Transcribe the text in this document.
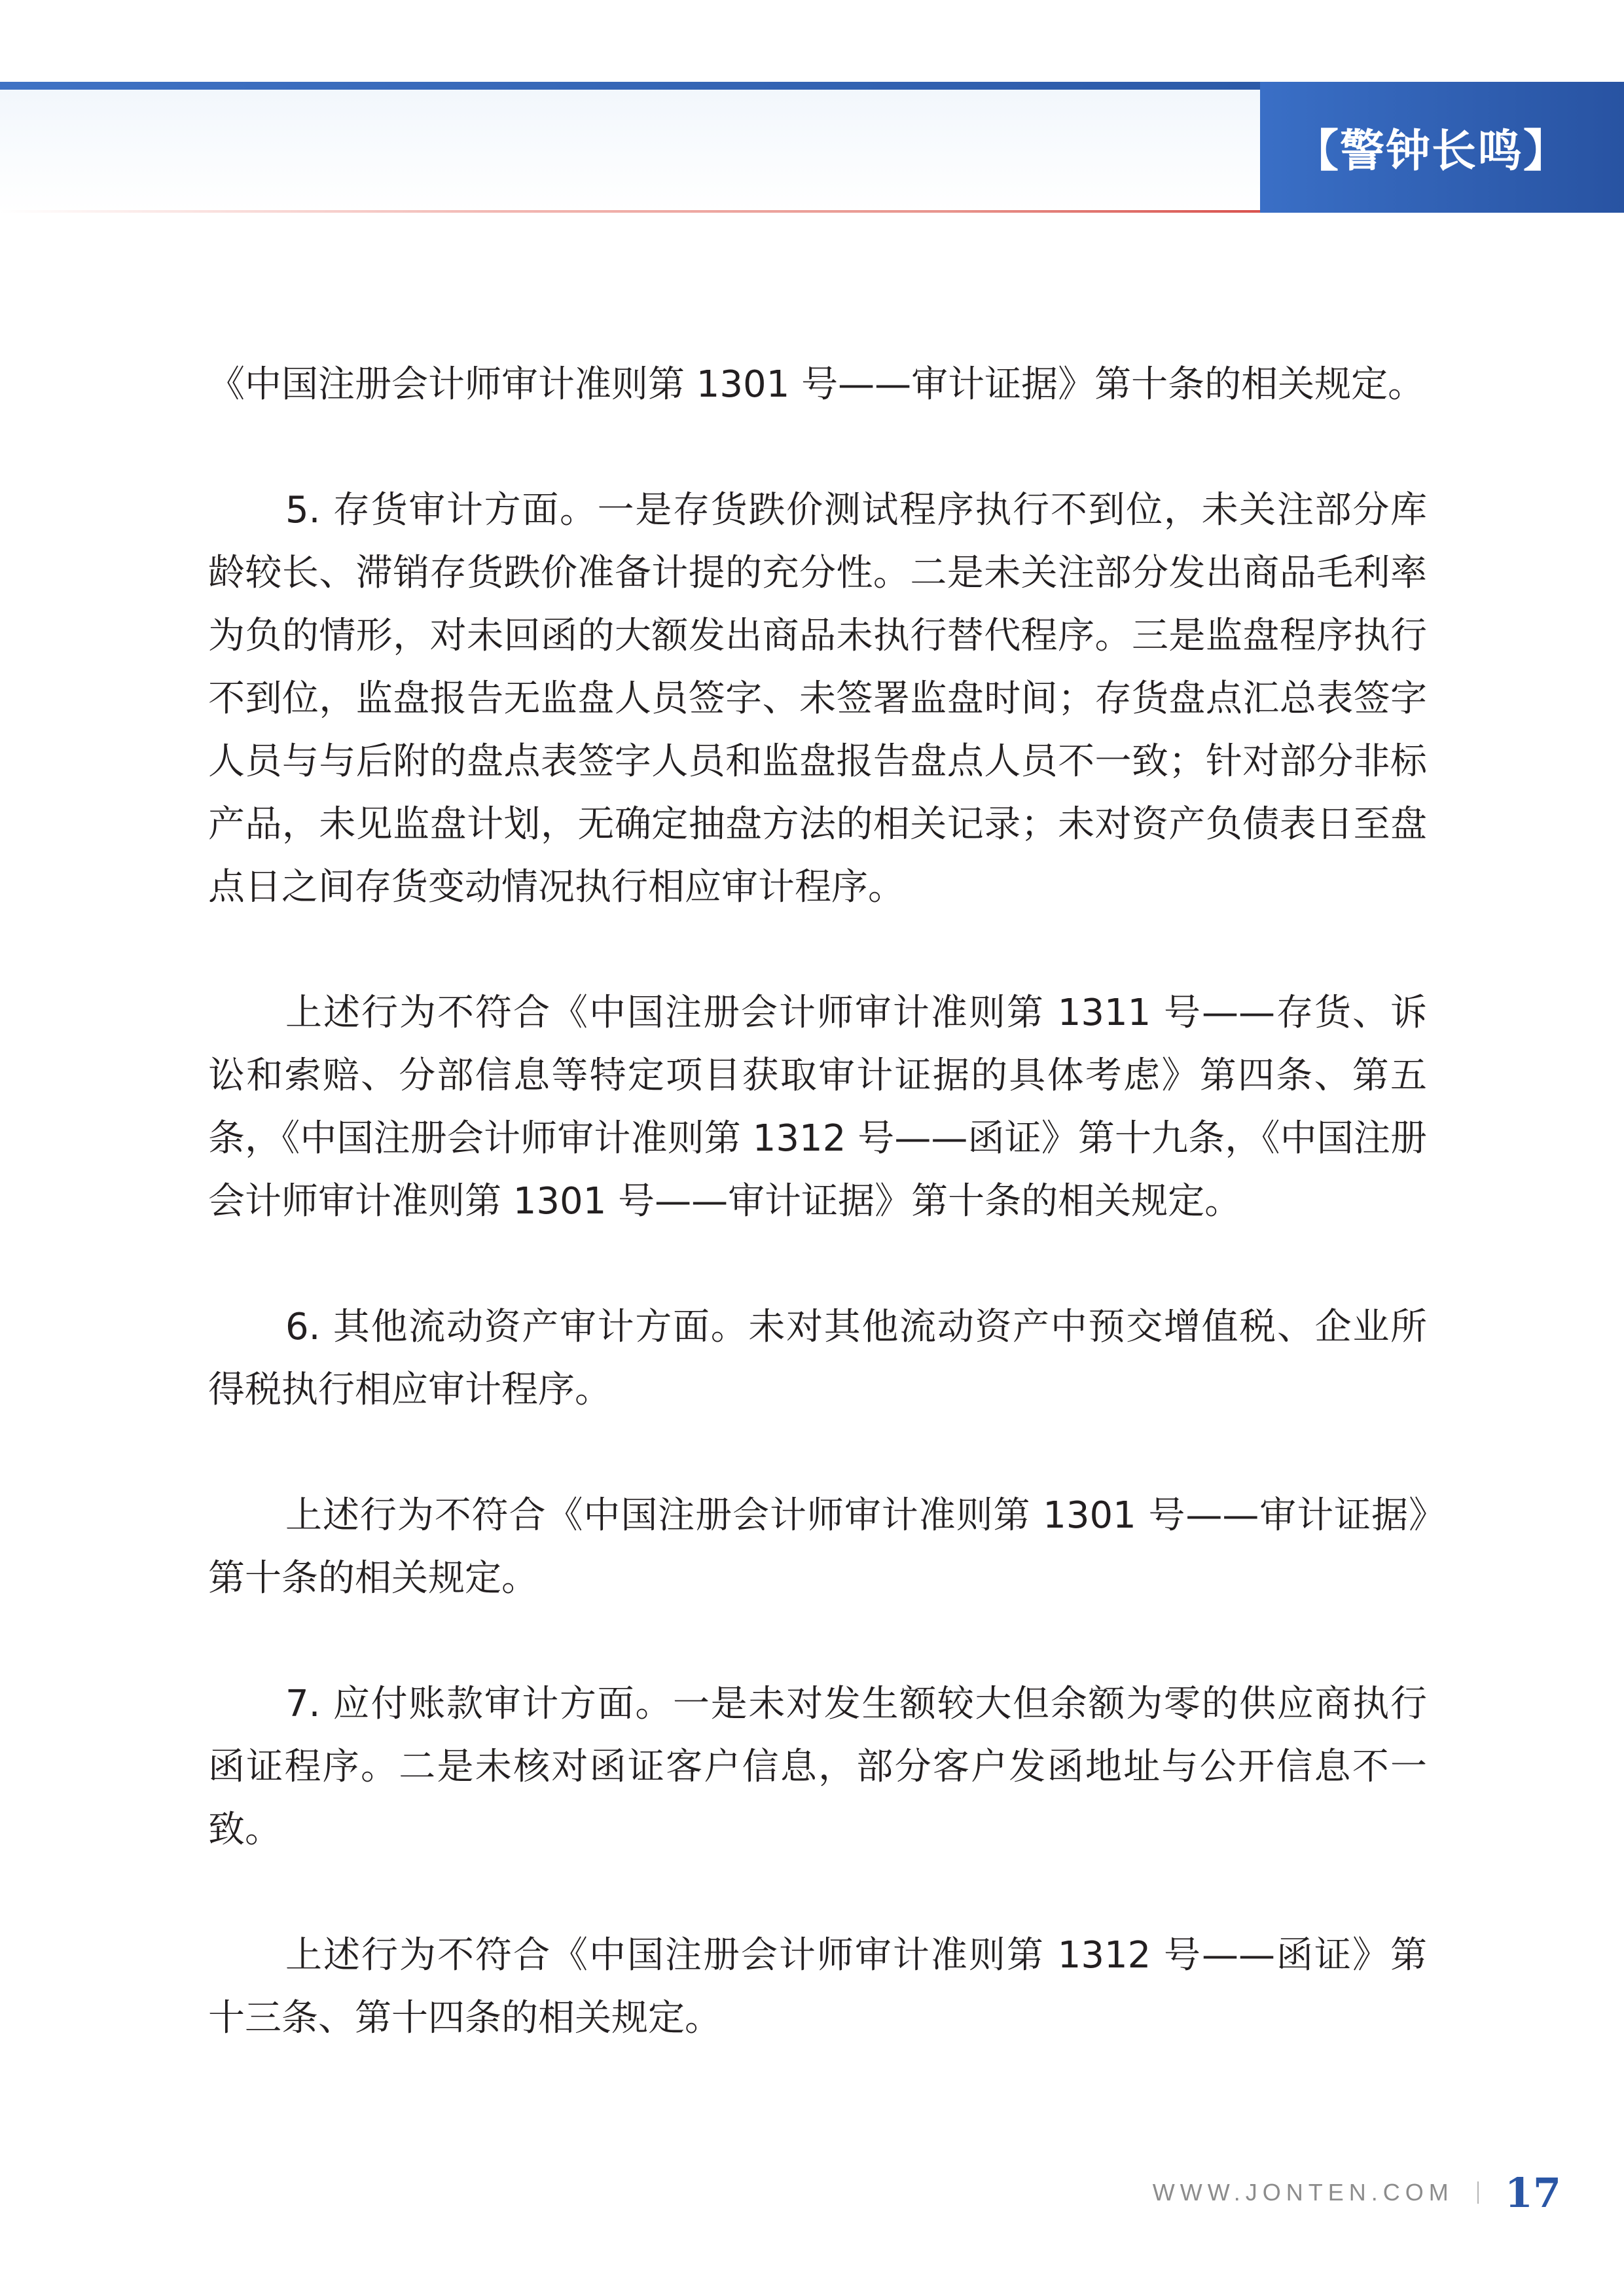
【警钟长鸣】

《中国注册会计师审计准则第 1301 号——审计证据》第十条的相关规定。

5. 存货审计方面。一是存货跌价测试程序执行不到位，未关注部分库龄较长、滞销存货跌价准备计提的充分性。二是未关注部分发出商品毛利率为负的情形，对未回函的大额发出商品未执行替代程序。三是监盘程序执行不到位，监盘报告无监盘人员签字、未签署监盘时间；存货盘点汇总表签字人员与与后附的盘点表签字人员和监盘报告盘点人员不一致；针对部分非标产品，未见监盘计划，无确定抽盘方法的相关记录；未对资产负债表日至盘点日之间存货变动情况执行相应审计程序。

上述行为不符合《中国注册会计师审计准则第 1311 号——存货、诉讼和索赔、分部信息等特定项目获取审计证据的具体考虑》第四条、第五条，《中国注册会计师审计准则第 1312 号——函证》第十九条，《中国注册会计师审计准则第 1301 号——审计证据》第十条的相关规定。

6. 其他流动资产审计方面。未对其他流动资产中预交增值税、企业所得税执行相应审计程序。

上述行为不符合《中国注册会计师审计准则第 1301 号——审计证据》第十条的相关规定。

7. 应付账款审计方面。一是未对发生额较大但余额为零的供应商执行函证程序。二是未核对函证客户信息，部分客户发函地址与公开信息不一致。

上述行为不符合《中国注册会计师审计准则第 1312 号——函证》第十三条、第十四条的相关规定。

WWW.JONTEN.COM 17
